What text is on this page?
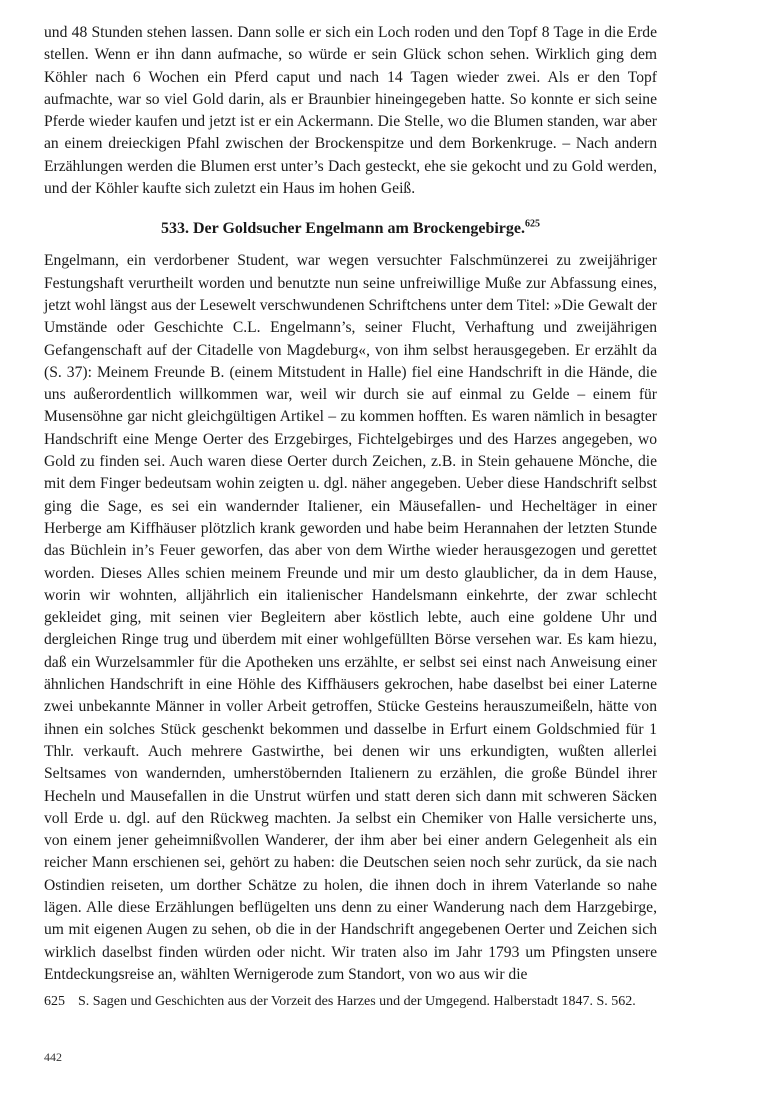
und 48 Stunden stehen lassen. Dann solle er sich ein Loch roden und den Topf 8 Tage in die Erde stellen. Wenn er ihn dann aufmache, so würde er sein Glück schon sehen. Wirklich ging dem Köhler nach 6 Wochen ein Pferd caput und nach 14 Tagen wieder zwei. Als er den Topf aufmachte, war so viel Gold darin, als er Braunbier hineingegeben hatte. So konnte er sich seine Pferde wieder kaufen und jetzt ist er ein Ackermann. Die Stelle, wo die Blumen standen, war aber an einem dreieckigen Pfahl zwischen der Brockenspitze und dem Borkenkruge. – Nach andern Erzählungen werden die Blumen erst unter’s Dach gesteckt, ehe sie gekocht und zu Gold werden, und der Köhler kaufte sich zuletzt ein Haus im hohen Geiß.

533. Der Goldsucher Engelmann am Brockengebirge.$^{625}$

Engelmann, ein verdorbener Student, war wegen versuchter Falschmünzerei zu zweijähriger Festungshaft verurtheilt worden und benutzte nun seine unfreiwillige Muße zur Abfassung eines, jetzt wohl längst aus der Lesewelt verschwundenen Schriftchens unter dem Titel: »Die Gewalt der Umstände oder Geschichte C.L. Engelmann’s, seiner Flucht, Verhaftung und zweijährigen Gefangenschaft auf der Citadelle von Magdeburg«, von ihm selbst herausgegeben. Er erzählt da (S. 37): Meinem Freunde B. (einem Mitstudent in Halle) fiel eine Handschrift in die Hände, die uns außerordentlich willkommen war, weil wir durch sie auf einmal zu Gelde – einem für Musensöhne gar nicht gleichgültigen Artikel – zu kommen hofften. Es waren nämlich in besagter Handschrift eine Menge Oerter des Erzgebirges, Fichtelgebirges und des Harzes angegeben, wo Gold zu finden sei. Auch waren diese Oerter durch Zeichen, z.B. in Stein gehauene Mönche, die mit dem Finger bedeutsam wohin zeigten u. dgl. näher angegeben. Ueber diese Handschrift selbst ging die Sage, es sei ein wandernder Italiener, ein Mäusefallen- und Hecheltäger in einer Herberge am Kiffhäuser plötzlich krank geworden und habe beim Herannahen der letzten Stunde das Büchlein in’s Feuer geworfen, das aber von dem Wirthe wieder herausgezogen und gerettet worden. Dieses Alles schien meinem Freunde und mir um desto glaublicher, da in dem Hause, worin wir wohnten, alljährlich ein italienischer Handelsmann einkehrte, der zwar schlecht gekleidet ging, mit seinen vier Begleitern aber köstlich lebte, auch eine goldene Uhr und dergleichen Ringe trug und überdem mit einer wohlgefüllten Börse versehen war. Es kam hiezu, daß ein Wurzelsammler für die Apotheken uns erzählte, er selbst sei einst nach Anweisung einer ähnlichen Handschrift in eine Höhle des Kiffhäusers gekrochen, habe daselbst bei einer Laterne zwei unbekannte Männer in voller Arbeit getroffen, Stücke Gesteins herauszumeißeln, hätte von ihnen ein solches Stück geschenkt bekommen und dasselbe in Erfurt einem Goldschmied für 1 Thlr. verkauft. Auch mehrere Gastwirthe, bei denen wir uns erkundigten, wußten allerlei Seltsames von wandernden, umherstöbernden Italienern zu erzählen, die große Bündel ihrer Hecheln und Mausefallen in die Unstrut würfen und statt deren sich dann mit schweren Säcken voll Erde u. dgl. auf den Rückweg machten. Ja selbst ein Chemiker von Halle versicherte uns, von einem jener geheimnißvollen Wanderer, der ihm aber bei einer andern Gelegenheit als ein reicher Mann erschienen sei, gehört zu haben: die Deutschen seien noch sehr zurück, da sie nach Ostindien reiseten, um dorther Schätze zu holen, die ihnen doch in ihrem Vaterlande so nahe lägen. Alle diese Erzählungen beflügelten uns denn zu einer Wanderung nach dem Harzgebirge, um mit eigenen Augen zu sehen, ob die in der Handschrift angegebenen Oerter und Zeichen sich wirklich daselbst finden würden oder nicht. Wir traten also im Jahr 1793 um Pfingsten unsere Entdeckungsreise an, wählten Wernigerode zum Standort, von wo aus wir die

625 S. Sagen und Geschichten aus der Vorzeit des Harzes und der Umgegend. Halberstadt 1847. S. 562.
442
